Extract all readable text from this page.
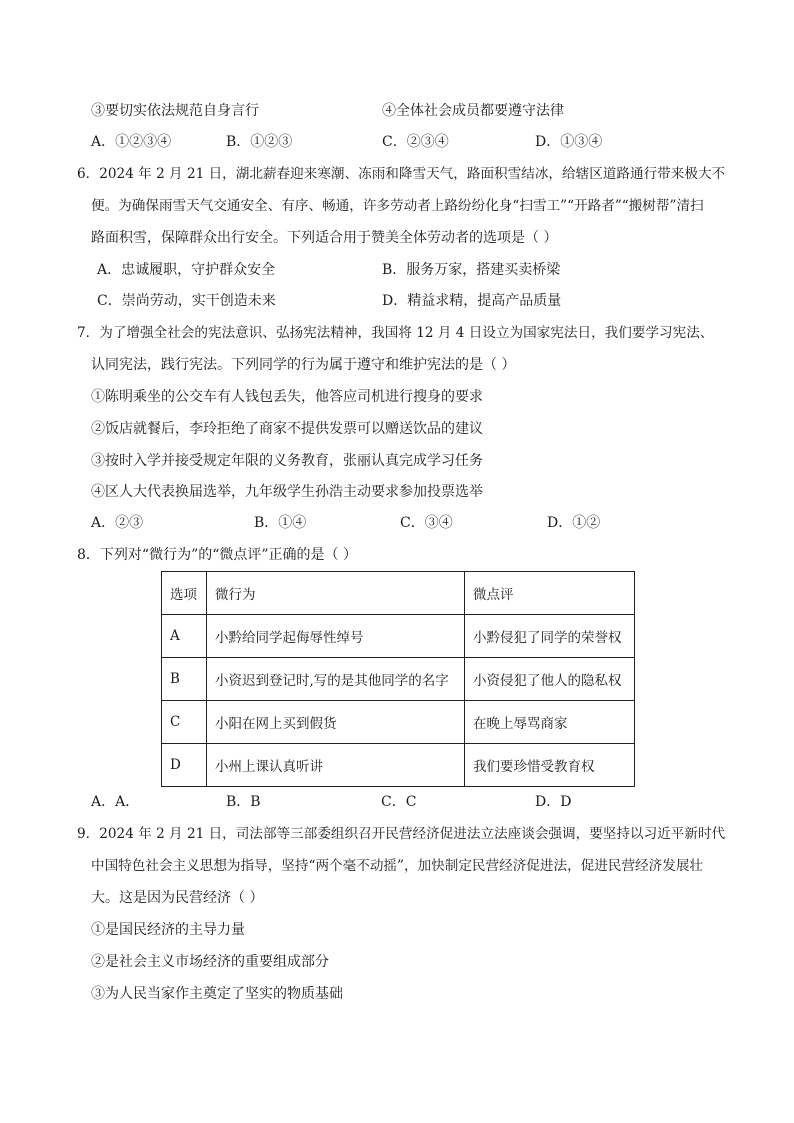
③要切实依法规范自身言行	④全体社会成员都要遵守法律
A．①②③④	B．①②③	C．②③④	D．①③④
6．2024 年 2 月 21 日，湖北薪春迎来寒潮、冻雨和降雪天气，路面积雪结冰，给辖区道路通行带来极大不
便。为确保雨雪天气交通安全、有序、畅通，许多劳动者上路纷纷化身“扫雪工”“开路者”“搬树帮”清扫
路面积雪，保障群众出行安全。下列适合用于赞美全体劳动者的选项是（ ）
A．忠诚履职，守护群众安全	B．服务万家，搭建买卖桥梁
C．崇尚劳动，实干创造未来	D．精益求精，提高产品质量
7．为了增强全社会的宪法意识、弘扬宪法精神，我国将 12 月 4 日设立为国家宪法日，我们要学习宪法、
认同宪法，践行宪法。下列同学的行为属于遵守和维护宪法的是（ ）
①陈明乘坐的公交车有人钱包丢失，他答应司机进行搜身的要求
②饭店就餐后，李玲拒绝了商家不提供发票可以赠送饮品的建议
③按时入学并接受规定年限的义务教育，张丽认真完成学习任务
④区人大代表换届选举，九年级学生孙浩主动要求参加投票选举
A．②③	B．①④	C．③④	D．①②
8．下列对“微行为”的“微点评”正确的是（ ）
选项	微行为	微点评
A	小黔给同学起侮辱性绰号	小黔侵犯了同学的荣誉权
B	小资迟到登记时,写的是其他同学的名字	小资侵犯了他人的隐私权
C	小阳在网上买到假货	在晚上辱骂商家
D	小州上课认真听讲	我们要珍惜受教育权
A．A．	B．B	C．C	D．D
9．2024 年 2 月 21 日，司法部等三部委组织召开民营经济促进法立法座谈会强调，要坚持以习近平新时代
中国特色社会主义思想为指导，坚持“两个毫不动摇”，加快制定民营经济促进法，促进民营经济发展壮
大。这是因为民营经济（ ）
①是国民经济的主导力量
②是社会主义市场经济的重要组成部分
③为人民当家作主奠定了坚实的物质基础
